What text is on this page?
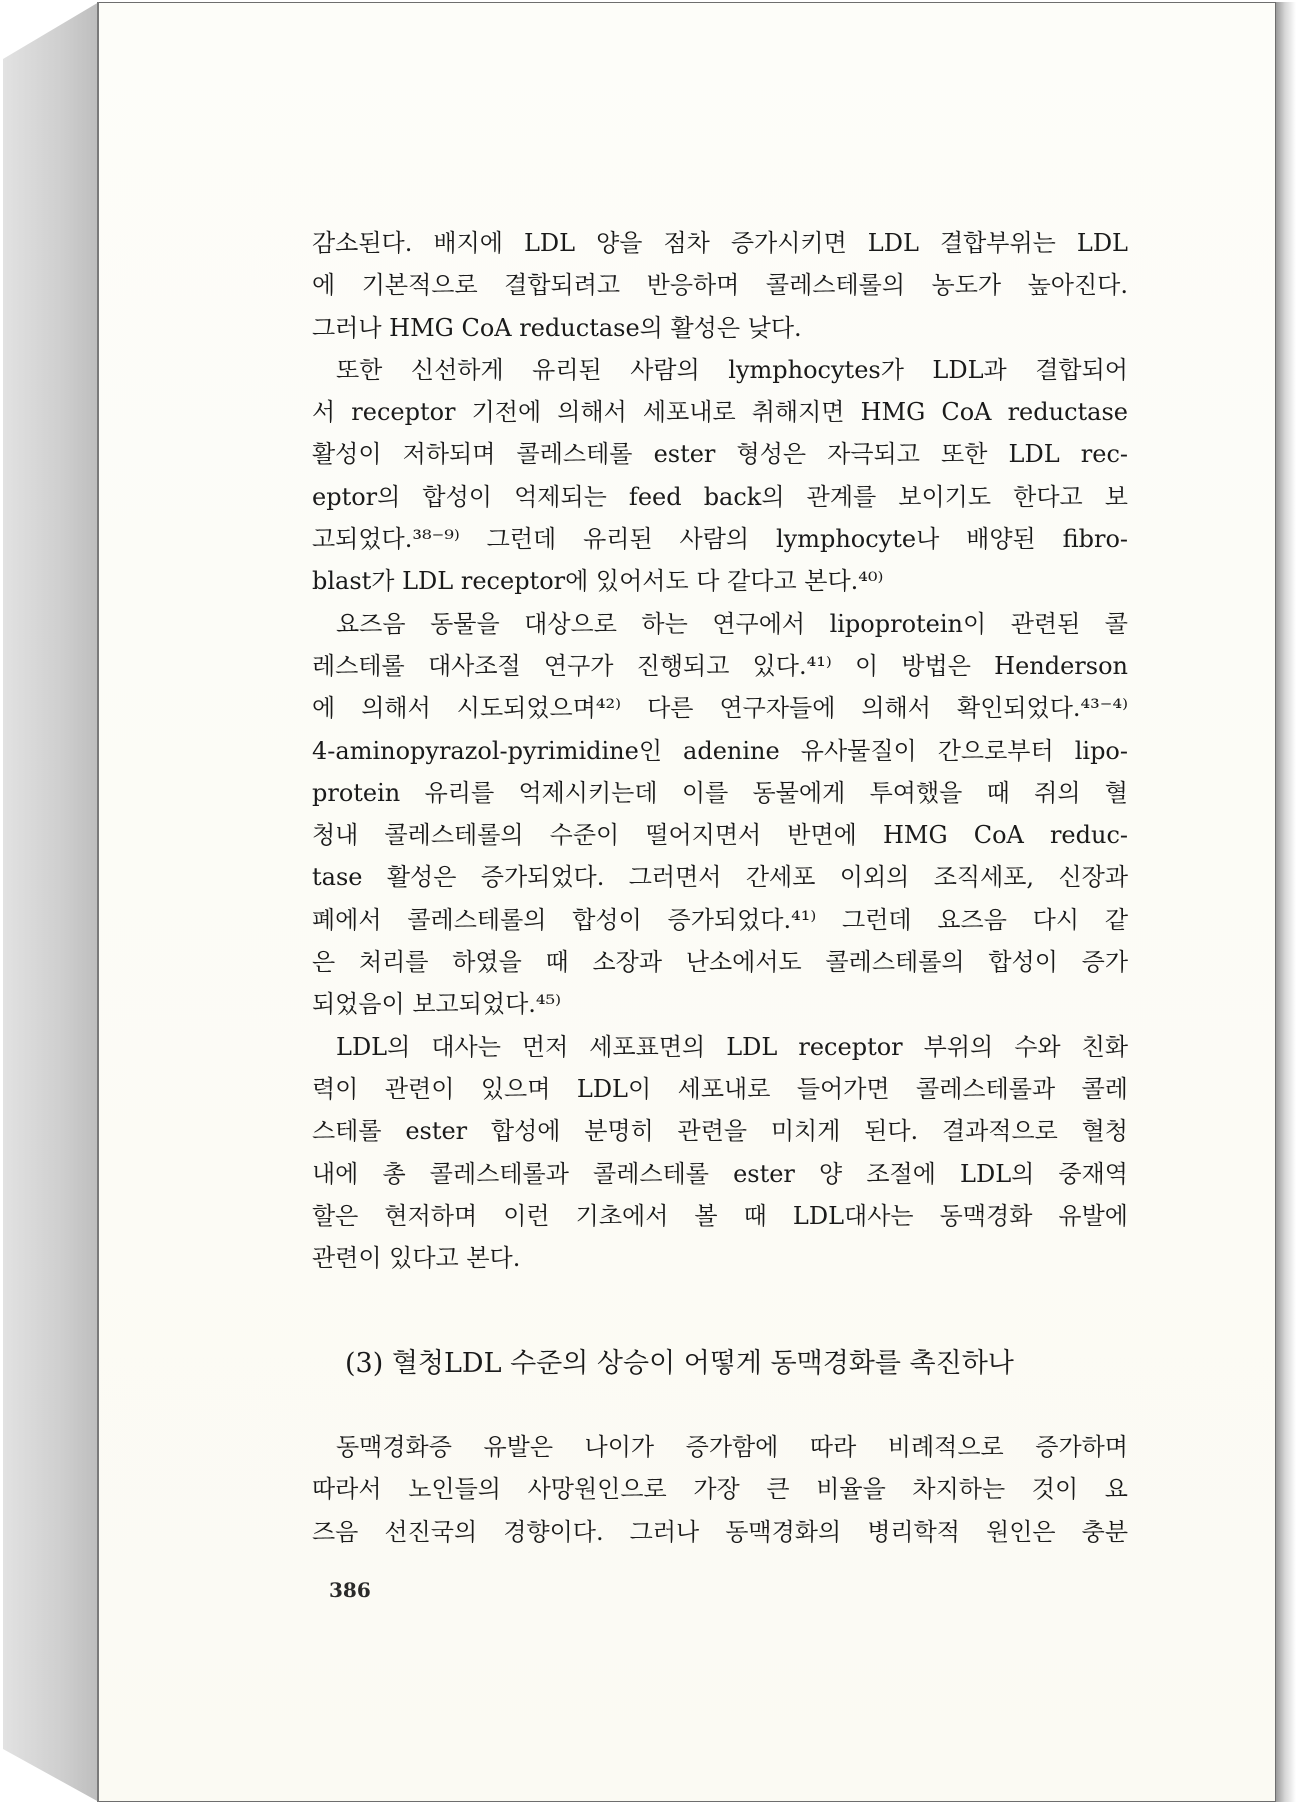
감소된다. 배지에 LDL 양을 점차 증가시키면 LDL 결합부위는 LDL
에 기본적으로 결합되려고 반응하며 콜레스테롤의 농도가 높아진다.
그러나 HMG CoA reductase의 활성은 낮다.
또한 신선하게 유리된 사람의 lymphocytes가 LDL과 결합되어
서 receptor 기전에 의해서 세포내로 취해지면 HMG CoA reductase
활성이 저하되며 콜레스테롤 ester 형성은 자극되고 또한 LDL rec-
eptor의 합성이 억제되는 feed back의 관계를 보이기도 한다고 보
고되었다.³⁸⁻⁹⁾ 그런데 유리된 사람의 lymphocyte나 배양된 fibro-
blast가 LDL receptor에 있어서도 다 같다고 본다.⁴⁰⁾
요즈음 동물을 대상으로 하는 연구에서 lipoprotein이 관련된 콜
레스테롤 대사조절 연구가 진행되고 있다.⁴¹⁾ 이 방법은 Henderson
에 의해서 시도되었으며⁴²⁾ 다른 연구자들에 의해서 확인되었다.⁴³⁻⁴⁾
4-aminopyrazol-pyrimidine인 adenine 유사물질이 간으로부터 lipo-
protein 유리를 억제시키는데 이를 동물에게 투여했을 때 쥐의 혈
청내 콜레스테롤의 수준이 떨어지면서 반면에 HMG CoA reduc-
tase 활성은 증가되었다. 그러면서 간세포 이외의 조직세포, 신장과
폐에서 콜레스테롤의 합성이 증가되었다.⁴¹⁾ 그런데 요즈음 다시 같
은 처리를 하였을 때 소장과 난소에서도 콜레스테롤의 합성이 증가
되었음이 보고되었다.⁴⁵⁾
LDL의 대사는 먼저 세포표면의 LDL receptor 부위의 수와 친화
력이 관련이 있으며 LDL이 세포내로 들어가면 콜레스테롤과 콜레
스테롤 ester 합성에 분명히 관련을 미치게 된다. 결과적으로 혈청
내에 총 콜레스테롤과 콜레스테롤 ester 양 조절에 LDL의 중재역
할은 현저하며 이런 기초에서 볼 때 LDL대사는 동맥경화 유발에
관련이 있다고 본다.
(3) 혈청LDL 수준의 상승이 어떻게 동맥경화를 촉진하나
동맥경화증 유발은 나이가 증가함에 따라 비례적으로 증가하며
따라서 노인들의 사망원인으로 가장 큰 비율을 차지하는 것이 요
즈음 선진국의 경향이다. 그러나 동맥경화의 병리학적 원인은 충분
386
